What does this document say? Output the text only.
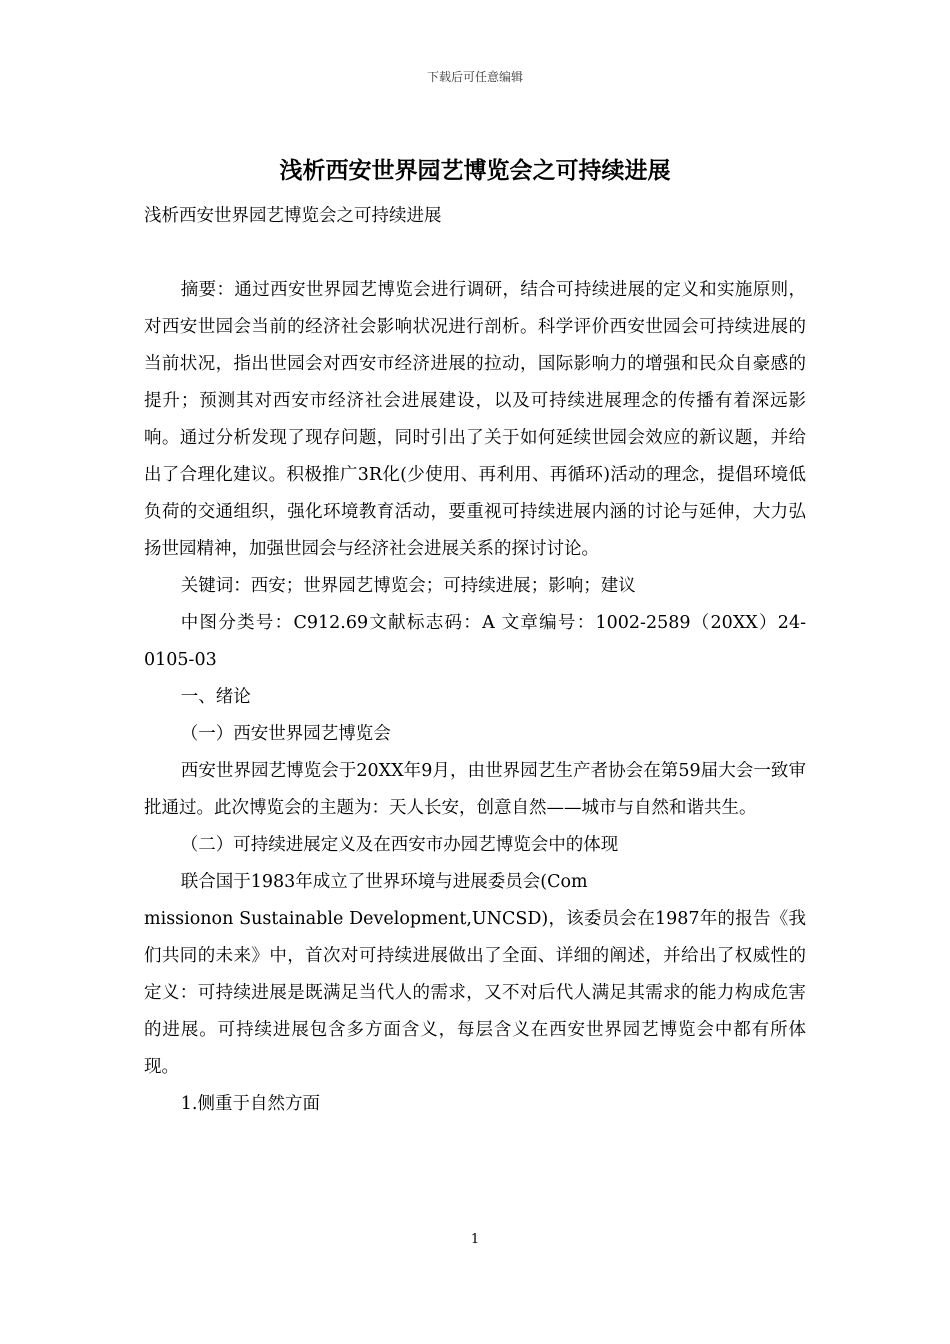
下载后可任意编辑
浅析西安世界园艺博览会之可持续进展

浅析西安世界园艺博览会之可持续进展

摘要：通过西安世界园艺博览会进行调研，结合可持续进展的定义和实施原则，对西安世园会当前的经济社会影响状况进行剖析。科学评价西安世园会可持续进展的当前状况，指出世园会对西安市经济进展的拉动，国际影响力的增强和民众自豪感的提升；预测其对西安市经济社会进展建设，以及可持续进展理念的传播有着深远影响。通过分析发现了现存问题，同时引出了关于如何延续世园会效应的新议题，并给出了合理化建议。积极推广3R化(少使用、再利用、再循环)活动的理念，提倡环境低负荷的交通组织，强化环境教育活动，要重视可持续进展内涵的讨论与延伸，大力弘扬世园精神，加强世园会与经济社会进展关系的探讨讨论。

关键词：西安；世界园艺博览会；可持续进展；影响；建议

中图分类号：C912.69文献标志码：A 文章编号：1002-2589（20XX）24-0105-03

一、绪论

（一）西安世界园艺博览会

西安世界园艺博览会于20XX年9月，由世界园艺生产者协会在第59届大会一致审批通过。此次博览会的主题为：天人长安，创意自然——城市与自然和谐共生。

（二）可持续进展定义及在西安市办园艺博览会中的体现

联合国于1983年成立了世界环境与进展委员会(Com

missionon Sustainable Development,UNCSD)，该委员会在1987年的报告《我们共同的未来》中，首次对可持续进展做出了全面、详细的阐述，并给出了权威性的定义：可持续进展是既满足当代人的需求，又不对后代人满足其需求的能力构成危害的进展。可持续进展包含多方面含义，每层含义在西安世界园艺博览会中都有所体现。

1.侧重于自然方面

1
